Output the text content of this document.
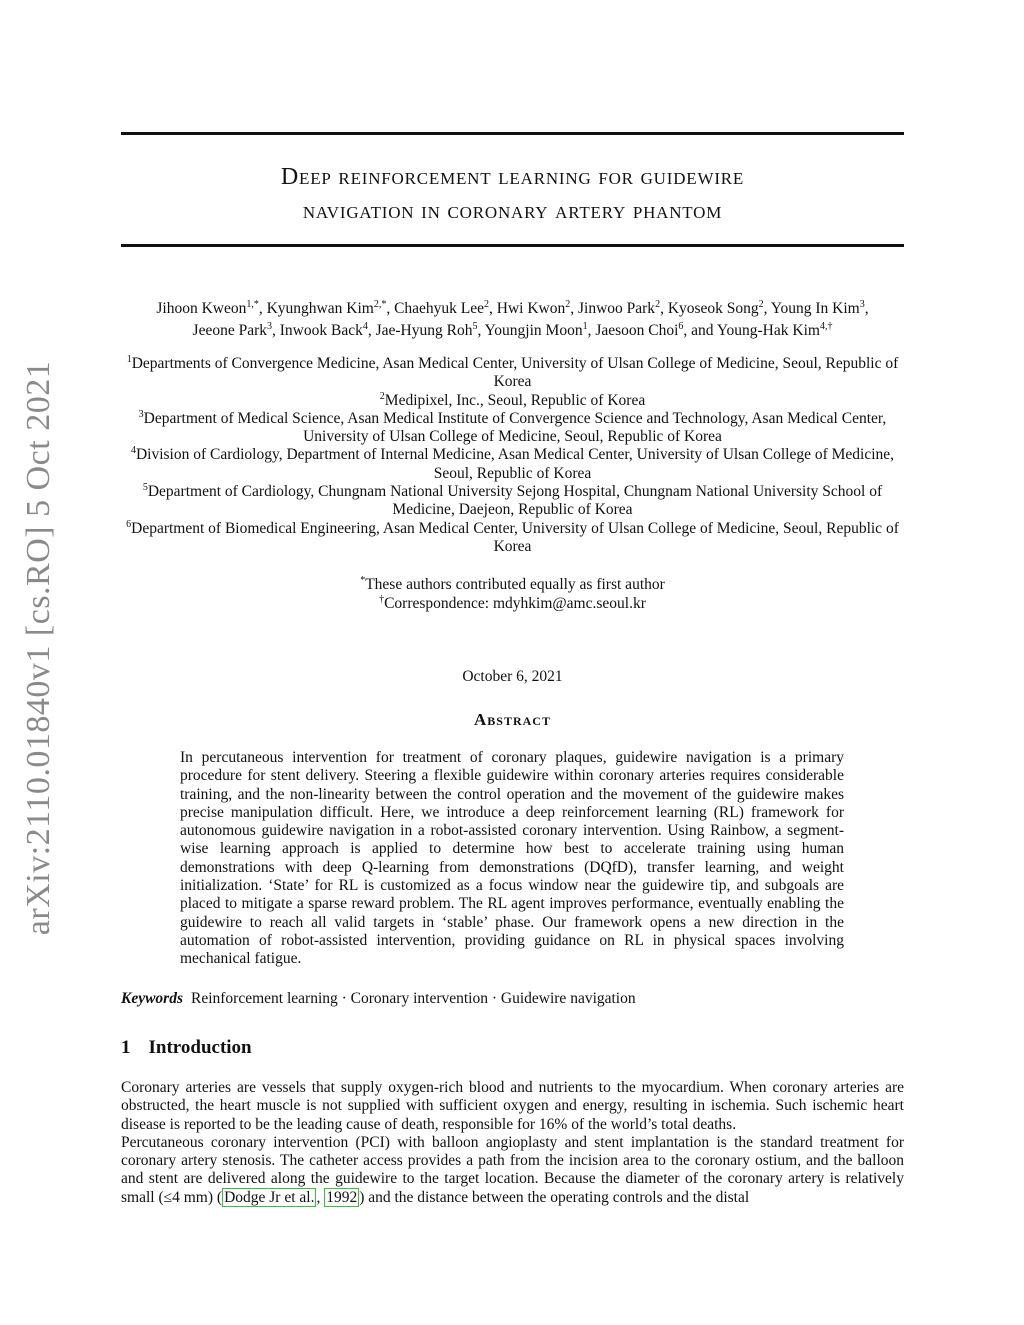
arXiv:2110.01840v1 [cs.RO] 5 Oct 2021
Deep reinforcement learning for guidewire
navigation in coronary artery phantom
Jihoon Kweon$^{1,*}$, Kyunghwan Kim$^{2,*}$, Chaehyuk Lee$^2$, Hwi Kwon$^2$, Jinwoo Park$^2$, Kyoseok Song$^2$, Young In Kim$^3$,
Jeeone Park$^3$, Inwook Back$^4$, Jae-Hyung Roh$^5$, Youngjin Moon$^1$, Jaesoon Choi$^6$, and Young-Hak Kim$^{4,\dagger}$
$^1$Departments of Convergence Medicine, Asan Medical Center, University of Ulsan College of Medicine, Seoul, Republic of Korea
$^2$Medipixel, Inc., Seoul, Republic of Korea
$^3$Department of Medical Science, Asan Medical Institute of Convergence Science and Technology, Asan Medical Center, University of Ulsan College of Medicine, Seoul, Republic of Korea
$^4$Division of Cardiology, Department of Internal Medicine, Asan Medical Center, University of Ulsan College of Medicine, Seoul, Republic of Korea
$^5$Department of Cardiology, Chungnam National University Sejong Hospital, Chungnam National University School of Medicine, Daejeon, Republic of Korea
$^6$Department of Biomedical Engineering, Asan Medical Center, University of Ulsan College of Medicine, Seoul, Republic of Korea
*These authors contributed equally as first author
†Correspondence: mdyhkim@amc.seoul.kr
October 6, 2021
Abstract
In percutaneous intervention for treatment of coronary plaques, guidewire navigation is a primary procedure for stent delivery. Steering a flexible guidewire within coronary arteries requires considerable training, and the non-linearity between the control operation and the movement of the guidewire makes precise manipulation difficult. Here, we introduce a deep reinforcement learning (RL) framework for autonomous guidewire navigation in a robot-assisted coronary intervention. Using Rainbow, a segment-wise learning approach is applied to determine how best to accelerate training using human demonstrations with deep Q-learning from demonstrations (DQfD), transfer learning, and weight initialization. ‘State’ for RL is customized as a focus window near the guidewire tip, and subgoals are placed to mitigate a sparse reward problem. The RL agent improves performance, eventually enabling the guidewire to reach all valid targets in ‘stable’ phase. Our framework opens a new direction in the automation of robot-assisted intervention, providing guidance on RL in physical spaces involving mechanical fatigue.
Keywords Reinforcement learning · Coronary intervention · Guidewire navigation
1 Introduction

Coronary arteries are vessels that supply oxygen-rich blood and nutrients to the myocardium. When coronary arteries are obstructed, the heart muscle is not supplied with sufficient oxygen and energy, resulting in ischemia. Such ischemic heart disease is reported to be the leading cause of death, responsible for 16% of the world’s total deaths.

Percutaneous coronary intervention (PCI) with balloon angioplasty and stent implantation is the standard treatment for coronary artery stenosis. The catheter access provides a path from the incision area to the coronary ostium, and the balloon and stent are delivered along the guidewire to the target location. Because the diameter of the coronary artery is relatively small (≤4 mm) ( Dodge Jr et al. , 1992 ) and the distance between the operating controls and the distal
